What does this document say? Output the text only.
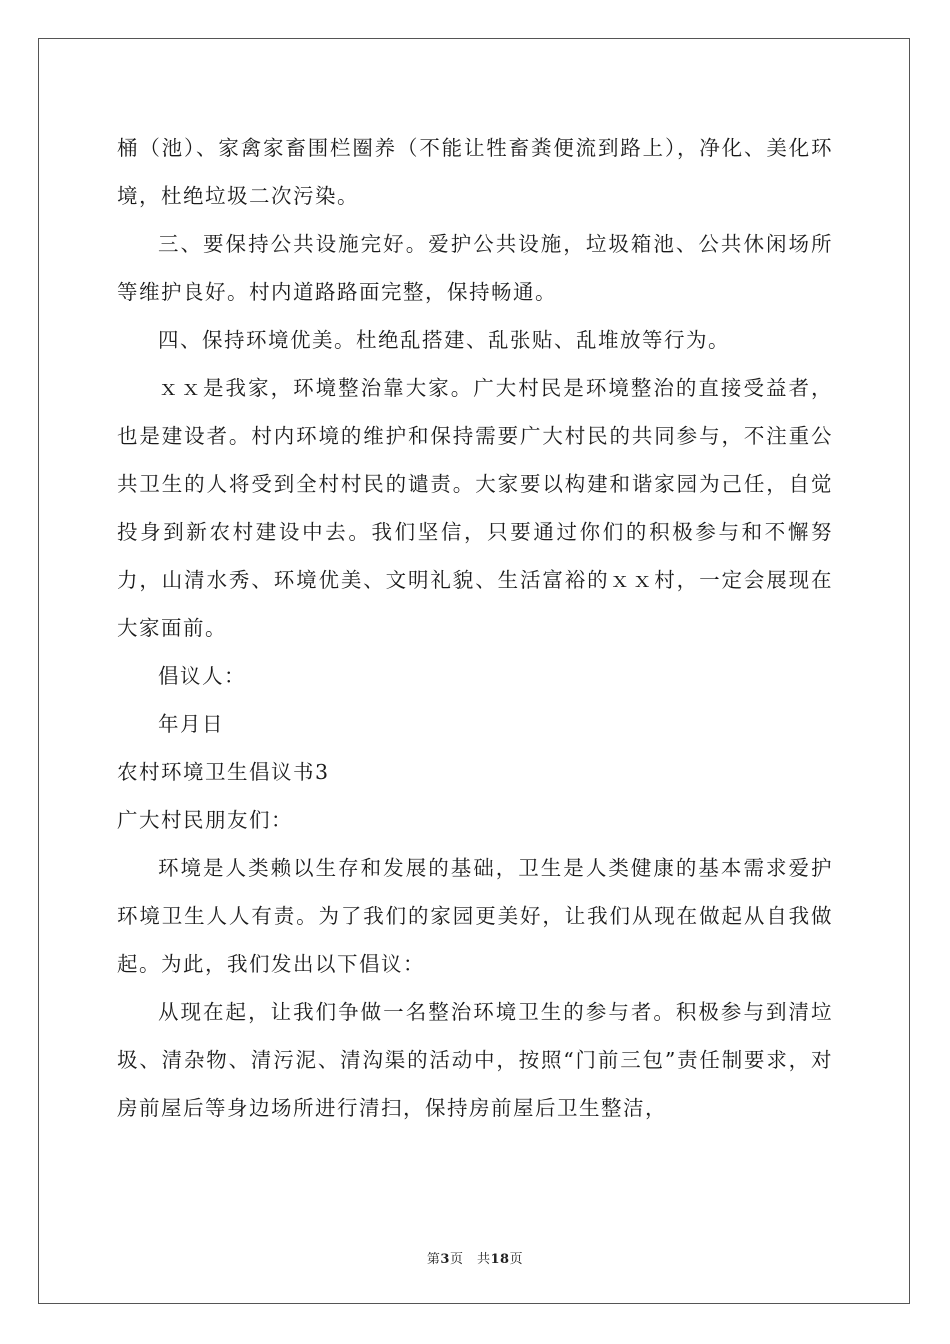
桶（池）、家禽家畜围栏圈养（不能让牲畜粪便流到路上），净化、美化环境，杜绝垃圾二次污染。

三、要保持公共设施完好。爱护公共设施，垃圾箱池、公共休闲场所等维护良好。村内道路路面完整，保持畅通。

四、保持环境优美。杜绝乱搭建、乱张贴、乱堆放等行为。

ｘｘ是我家，环境整治靠大家。广大村民是环境整治的直接受益者，也是建设者。村内环境的维护和保持需要广大村民的共同参与，不注重公共卫生的人将受到全村村民的谴责。大家要以构建和谐家园为己任，自觉投身到新农村建设中去。我们坚信，只要通过你们的积极参与和不懈努力，山清水秀、环境优美、文明礼貌、生活富裕的ｘｘ村，一定会展现在大家面前。

倡议人：

年月日

农村环境卫生倡议书3

广大村民朋友们：

环境是人类赖以生存和发展的基础，卫生是人类健康的基本需求爱护环境卫生人人有责。为了我们的家园更美好，让我们从现在做起从自我做起。为此，我们发出以下倡议：

从现在起，让我们争做一名整治环境卫生的参与者。积极参与到清垃圾、清杂物、清污泥、清沟渠的活动中，按照“门前三包”责任制要求，对房前屋后等身边场所进行清扫，保持房前屋后卫生整洁，

第3页　共18页
